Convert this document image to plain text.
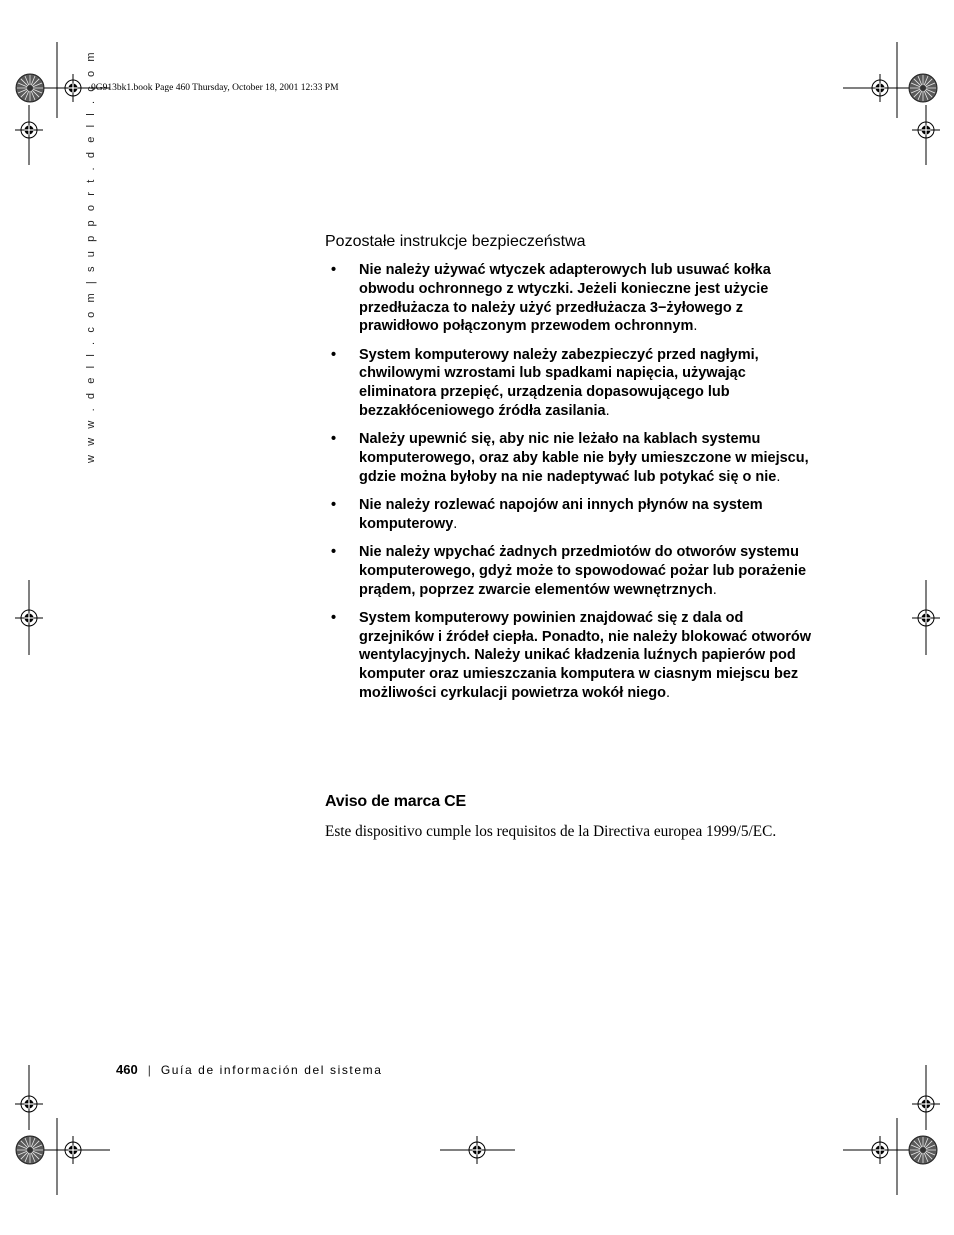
0G913bk1.book Page 460 Thursday, October 18, 2001 12:33 PM
w w w . d e l l . c o m | s u p p o r t . d e l l . c o m	Pozostałe instrukcje bezpieczeństwa
• Nie należy używać wtyczek adapterowych lub usuwać kołka obwodu ochronnego z wtyczki. Jeżeli konieczne jest użycie przedłużacza to należy użyć przedłużacza 3−żyłowego z prawidłowo połączonym przewodem ochronnym.
• System komputerowy należy zabezpieczyć przed nagłymi, chwilowymi wzrostami lub spadkami napięcia, używając eliminatora przepięć, urządzenia dopasowującego lub bezzakłóceniowego źródła zasilania.
• Należy upewnić się, aby nic nie leżało na kablach systemu komputerowego, oraz aby kable nie były umieszczone w miejscu, gdzie można byłoby na nie nadeptywać lub potykać się o nie.
• Nie należy rozlewać napojów ani innych płynów na system komputerowy.
• Nie należy wpychać żadnych przedmiotów do otworów systemu komputerowego, gdyż może to spowodować pożar lub porażenie prądem, poprzez zwarcie elementów wewnętrznych.
• System komputerowy powinien znajdować się z dala od grzejników i źródeł ciepła. Ponadto, nie należy blokować otworów wentylacyjnych. Należy unikać kładzenia luźnych papierów pod komputer oraz umieszczania komputera w ciasnym miejscu bez możliwości cyrkulacji powietrza wokół niego.
Aviso de marca CE

Este dispositivo cumple los requisitos de la Directiva europea 1999/5/EC.

460 | Guía de información del sistema
